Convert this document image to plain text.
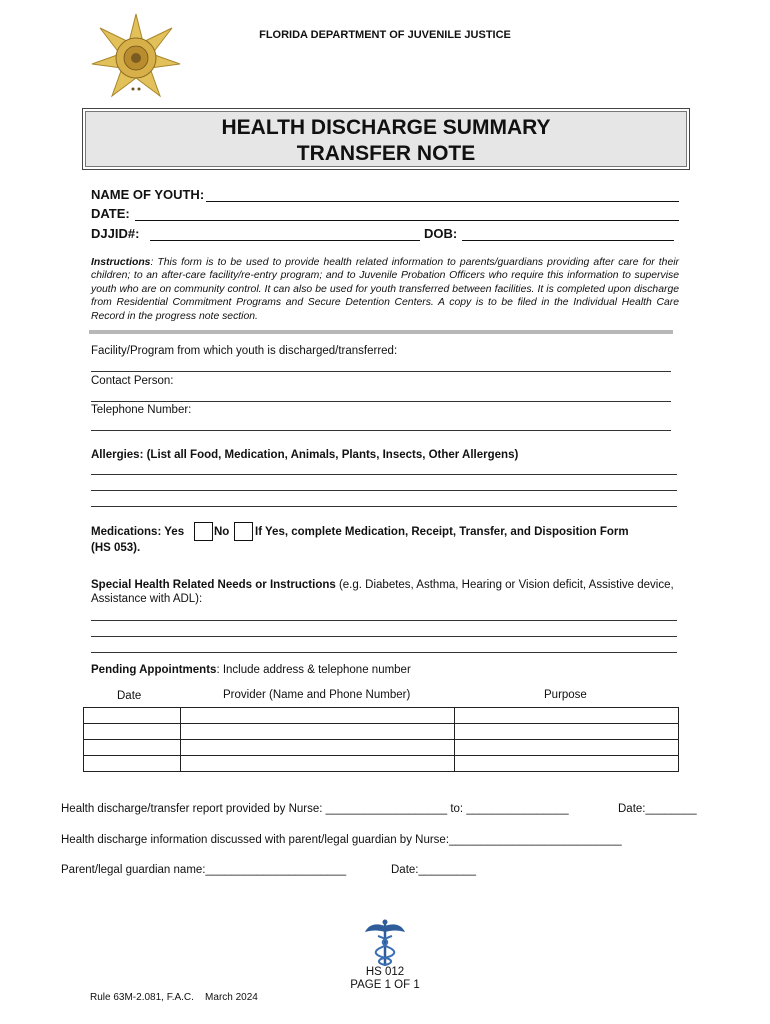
FLORIDA DEPARTMENT OF JUVENILE JUSTICE
HEALTH DISCHARGE SUMMARY
TRANSFER NOTE
NAME OF YOUTH:
DATE:
DJJID#:	DOB:
Instructions: This form is to be used to provide health related information to parents/guardians providing after care for their children; to an after-care facility/re-entry program; and to Juvenile Probation Officers who require this information to supervise youth who are on community control. It can also be used for youth transferred between facilities. It is completed upon discharge from Residential Commitment Programs and Secure Detention Centers. A copy is to be filed in the Individual Health Care Record in the progress note section.
Facility/Program from which youth is discharged/transferred:
Contact Person:
Telephone Number:
Allergies: (List all Food, Medication, Animals, Plants, Insects, Other Allergens)
Medications: Yes	No If Yes, complete Medication, Receipt, Transfer, and Disposition Form
(HS 053).
Special Health Related Needs or Instructions (e.g. Diabetes, Asthma, Hearing or Vision deficit, Assistive device, Assistance with ADL):
Pending Appointments: Include address & telephone number
Date	Provider (Name and Phone Number)	Purpose

Health discharge/transfer report provided by Nurse: ___________________ to: ________________	Date:________
Health discharge information discussed with parent/legal guardian by Nurse:___________________________
Parent/legal guardian name:______________________	Date:_________
HS 012
PAGE 1 OF 1
Rule 63M-2.081, F.A.C.    March 2024
